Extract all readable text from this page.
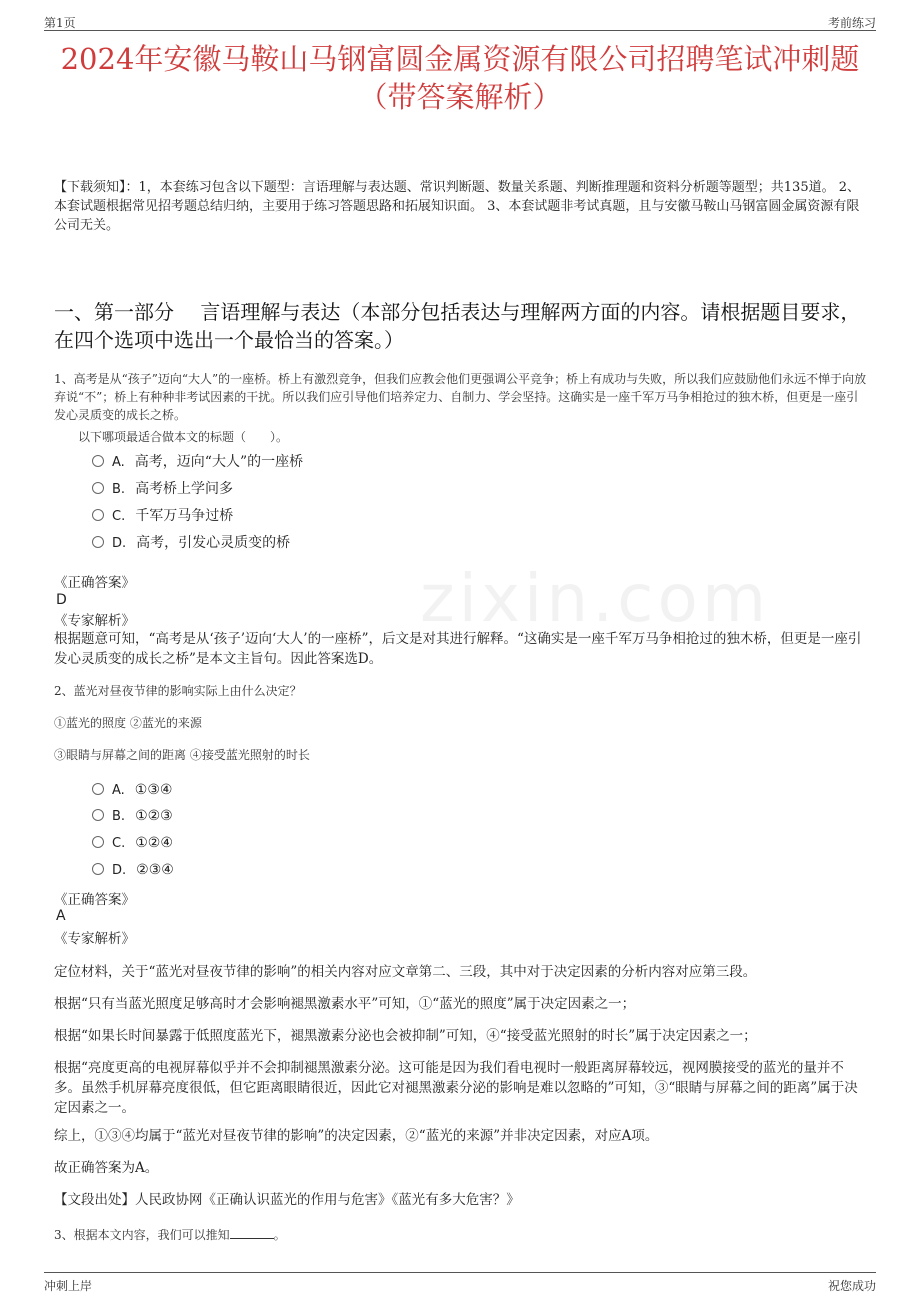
第1页	考前练习
zixin.com
2024年安徽马鞍山马钢富圆金属资源有限公司招聘笔试冲刺题
（带答案解析）
【下载须知】：1，本套练习包含以下题型：言语理解与表达题、常识判断题、数量关系题、判断推理题和资料分析题等题型；共135道。 2、本套试题根据常见招考题总结归纳，主要用于练习答题思路和拓展知识面。 3、本套试题非考试真题，且与安徽马鞍山马钢富圆金属资源有限公司无关。
一、第一部分　 言语理解与表达（本部分包括表达与理解两方面的内容。请根据题目要求，在四个选项中选出一个最恰当的答案。）
1、高考是从“孩子”迈向“大人”的一座桥。桥上有激烈竞争，但我们应教会他们更强调公平竞争；桥上有成功与失败，所以我们应鼓励他们永远不惮于向放弃说“不”；桥上有种种非考试因素的干扰。所以我们应引导他们培养定力、自制力、学会坚持。这确实是一座千军万马争相抢过的独木桥，但更是一座引发心灵质变的成长之桥。
以下哪项最适合做本文的标题（　　）。
A. 高考，迈向“大人”的一座桥
B. 高考桥上学问多
C. 千军万马争过桥
D. 高考，引发心灵质变的桥
《正确答案》
D
《专家解析》
根据题意可知，“高考是从‘孩子’迈向‘大人’的一座桥”，后文是对其进行解释。“这确实是一座千军万马争相抢过的独木桥，但更是一座引发心灵质变的成长之桥”是本文主旨句。因此答案选D。
2、蓝光对昼夜节律的影响实际上由什么决定？
①蓝光的照度 ②蓝光的来源
③眼睛与屏幕之间的距离 ④接受蓝光照射的时长
A. ①③④
B. ①②③
C. ①②④
D. ②③④
《正确答案》
A
《专家解析》
定位材料，关于“蓝光对昼夜节律的影响”的相关内容对应文章第二、三段，其中对于决定因素的分析内容对应第三段。
根据“只有当蓝光照度足够高时才会影响褪黑激素水平”可知，①“蓝光的照度”属于决定因素之一；
根据“如果长时间暴露于低照度蓝光下，褪黑激素分泌也会被抑制”可知，④“接受蓝光照射的时长”属于决定因素之一；
根据“亮度更高的电视屏幕似乎并不会抑制褪黑激素分泌。这可能是因为我们看电视时一般距离屏幕较远，视网膜接受的蓝光的量并不多。虽然手机屏幕亮度很低，但它距离眼睛很近，因此它对褪黑激素分泌的影响是难以忽略的”可知，③“眼睛与屏幕之间的距离”属于决定因素之一。
综上，①③④均属于“蓝光对昼夜节律的影响”的决定因素，②“蓝光的来源”并非决定因素，对应A项。
故正确答案为A。
【文段出处】人民政协网《正确认识蓝光的作用与危害》《蓝光有多大危害？》
3、根据本文内容，我们可以推知	。
冲刺上岸	祝您成功
